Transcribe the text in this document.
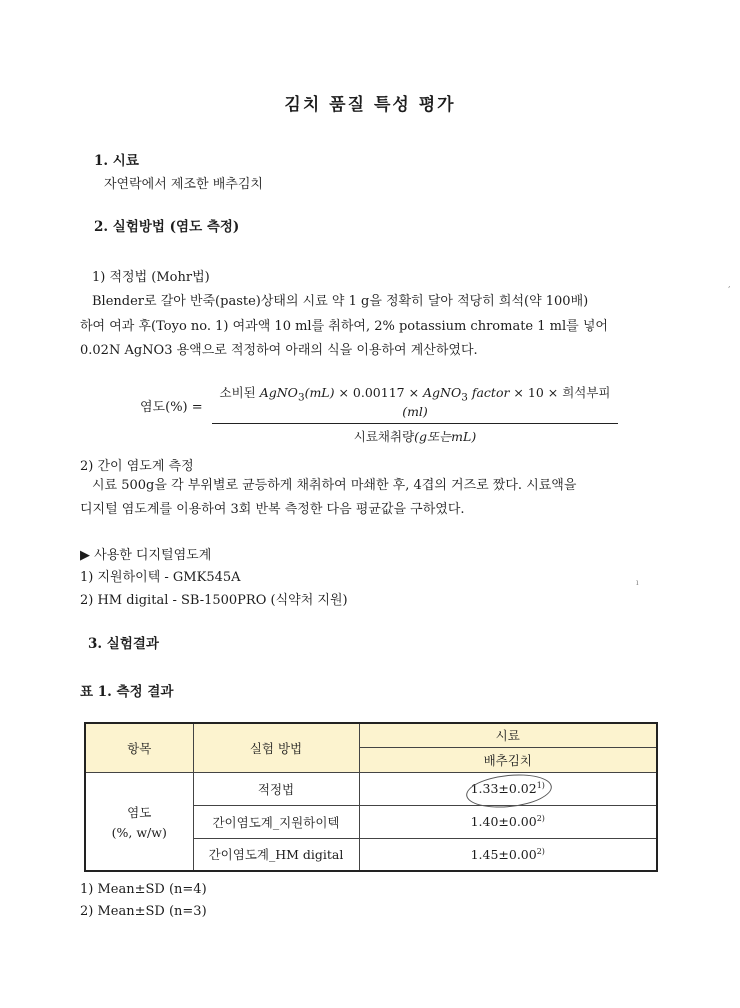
김치 품질 특성 평가
1. 시료
자연락에서 제조한 배추김치
2. 실험방법 (염도 측정)
1) 적정법 (Mohr법)
Blender로 갈아 반죽(paste)상태의 시료 약 1 g을 정확히 달아 적당히 희석(약 100배)
하여 여과 후(Toyo no. 1) 여과액 10 ml를 취하여, 2% potassium chromate 1 ml를 넣어
0.02N AgNO3 용액으로 적정하여 아래의 식을 이용하여 계산하였다.
염도(%) =
소비된 AgNO$_3$(mL) × 0.00117 × AgNO$_3$ factor × 10 × 희석부피(ml)
시료채취량(g또는mL)
2) 간이 염도계 측정
시료 500g을 각 부위별로 균등하게 채취하여 마쇄한 후, 4겹의 거즈로 짰다. 시료액을
디지털 염도계를 이용하여 3회 반복 측정한 다음 평균값을 구하였다.
▶ 사용한 디지털염도계
1) 지원하이텍 - GMK545A
2) HM digital - SB-1500PRO (식약처 지원)
3. 실험결과
표 1. 측정 결과
항목	실험 방법	시료
		배추김치

염도
(%, w/w)	적정법	$1.33\pm 0.02^{1)}$
	간이염도계_지원하이텍	$1.40\pm 0.00^{2)}$
	간이염도계_HM digital	$1.45\pm 0.00^{2)}$
1) Mean±SD (n=4)
2) Mean±SD (n=3)
,
ı
